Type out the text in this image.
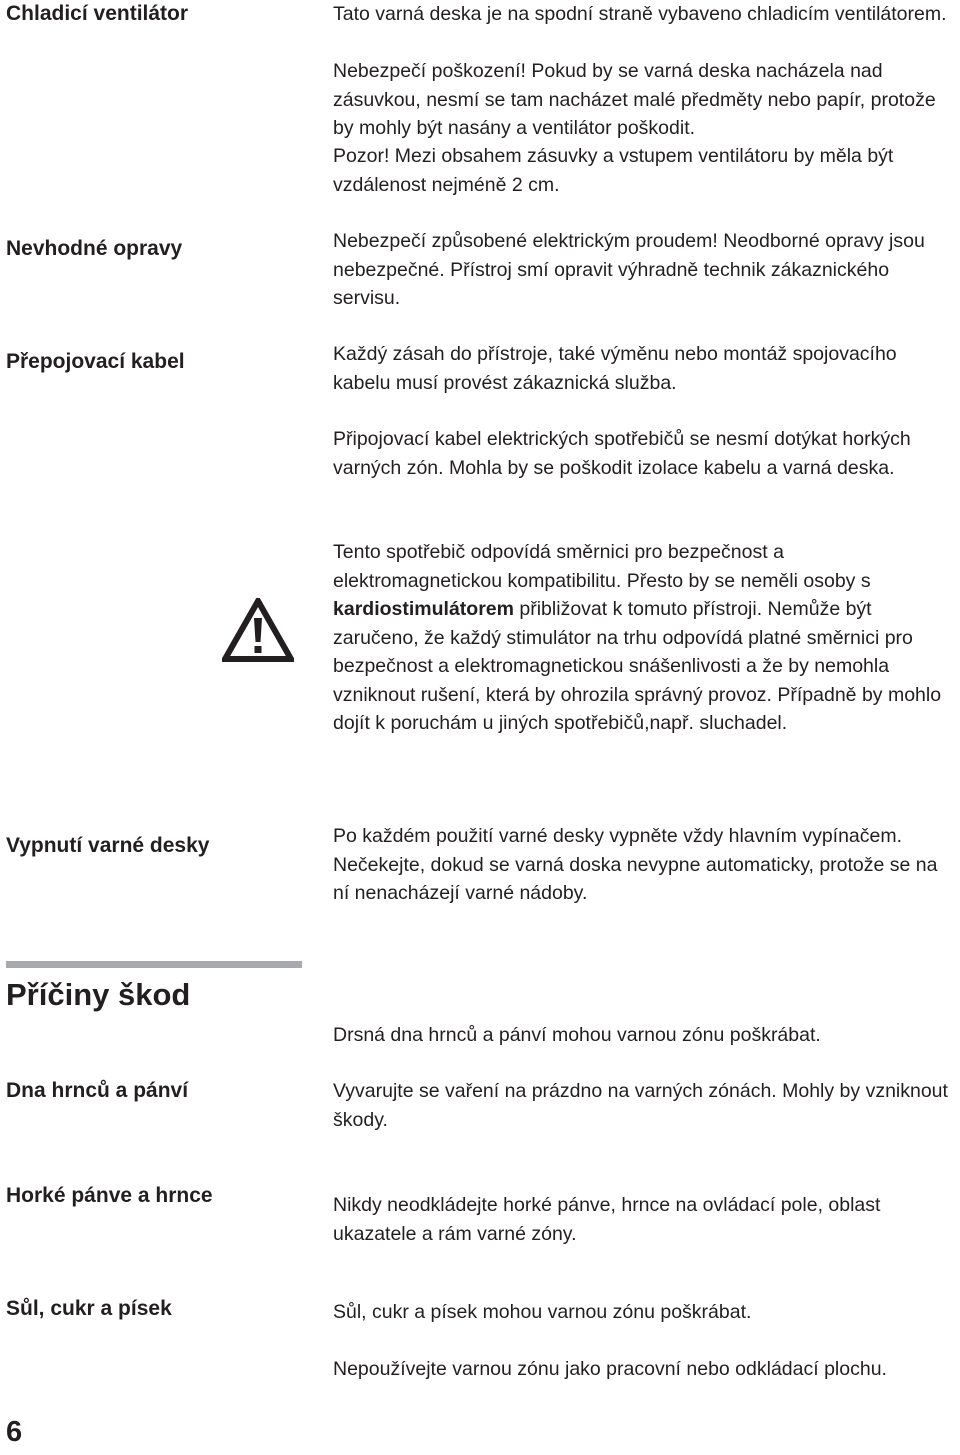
Chladicí ventilátor
Nevhodné opravy
Přepojovací kabel
Vypnutí varné desky
Příčiny škod
Dna hrnců a pánví
Horké pánve a hrnce
Sůl, cukr a písek

Tato varná deska je na spodní straně vybaveno chladicím ventilátorem.

Nebezpečí poškození! Pokud by se varná deska nacházela nad zásuvkou, nesmí se tam nacházet malé předměty nebo papír, protože by mohly být nasány a ventilátor poškodit.

Pozor! Mezi obsahem zásuvky a vstupem ventilátoru by měla být vzdálenost nejméně 2 cm.

Nebezpečí způsobené elektrickým proudem! Neodborné opravy jsou nebezpečné. Přístroj smí opravit výhradně technik zákaznického servisu.

Každý zásah do přístroje, také výměnu nebo montáž spojovacího kabelu musí provést zákaznická služba.

Připojovací kabel elektrických spotřebičů se nesmí dotýkat horkých varných zón. Mohla by se poškodit izolace kabelu a varná deska.

Tento spotřebič odpovídá směrnici pro bezpečnost a elektromagnetickou kompatibilitu. Přesto by se neměli osoby s kardiostimulátorem přibližovat k tomuto přístroji. Nemůže být zaručeno, že každý stimulátor na trhu odpovídá platné směrnici pro bezpečnost a elektromagnetickou snášenlivosti a že by nemohla vzniknout rušení, která by ohrozila správný provoz. Případně by mohlo dojít k poruchám u jiných spotřebičů,např. sluchadel.

Po každém použití varné desky vypněte vždy hlavním vypínačem. Nečekejte, dokud se varná doska nevypne automaticky, protože se na ní nenacházejí varné nádoby.

Drsná dna hrnců a pánví mohou varnou zónu poškrábat.

Vyvarujte se vaření na prázdno na varných zónách. Mohly by vzniknout škody.

Nikdy neodkládejte horké pánve, hrnce na ovládací pole, oblast ukazatele a rám varné zóny.

Sůl, cukr a písek mohou varnou zónu poškrábat.

Nepoužívejte varnou zónu jako pracovní nebo odkládací plochu.

6
